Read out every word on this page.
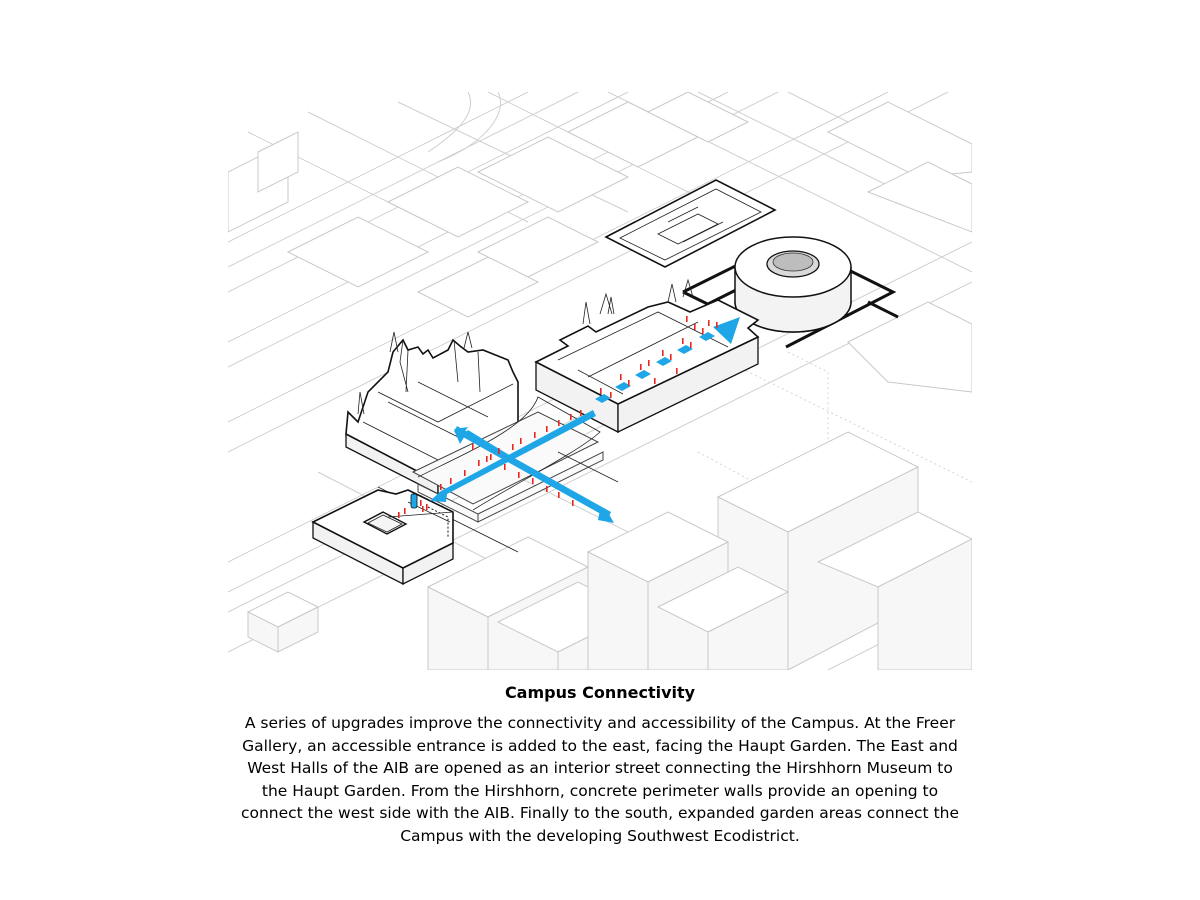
Campus Connectivity

A series of upgrades improve the connectivity and accessibility of the Campus. At the Freer Gallery, an accessible entrance is added to the east, facing the Haupt Garden. The East and West Halls of the AIB are opened as an interior street connecting the Hirshhorn Museum to the Haupt Garden. From the Hirshhorn, concrete perimeter walls provide an opening to connect the west side with the AIB. Finally to the south, expanded garden areas connect the Campus with the developing Southwest Ecodistrict.
